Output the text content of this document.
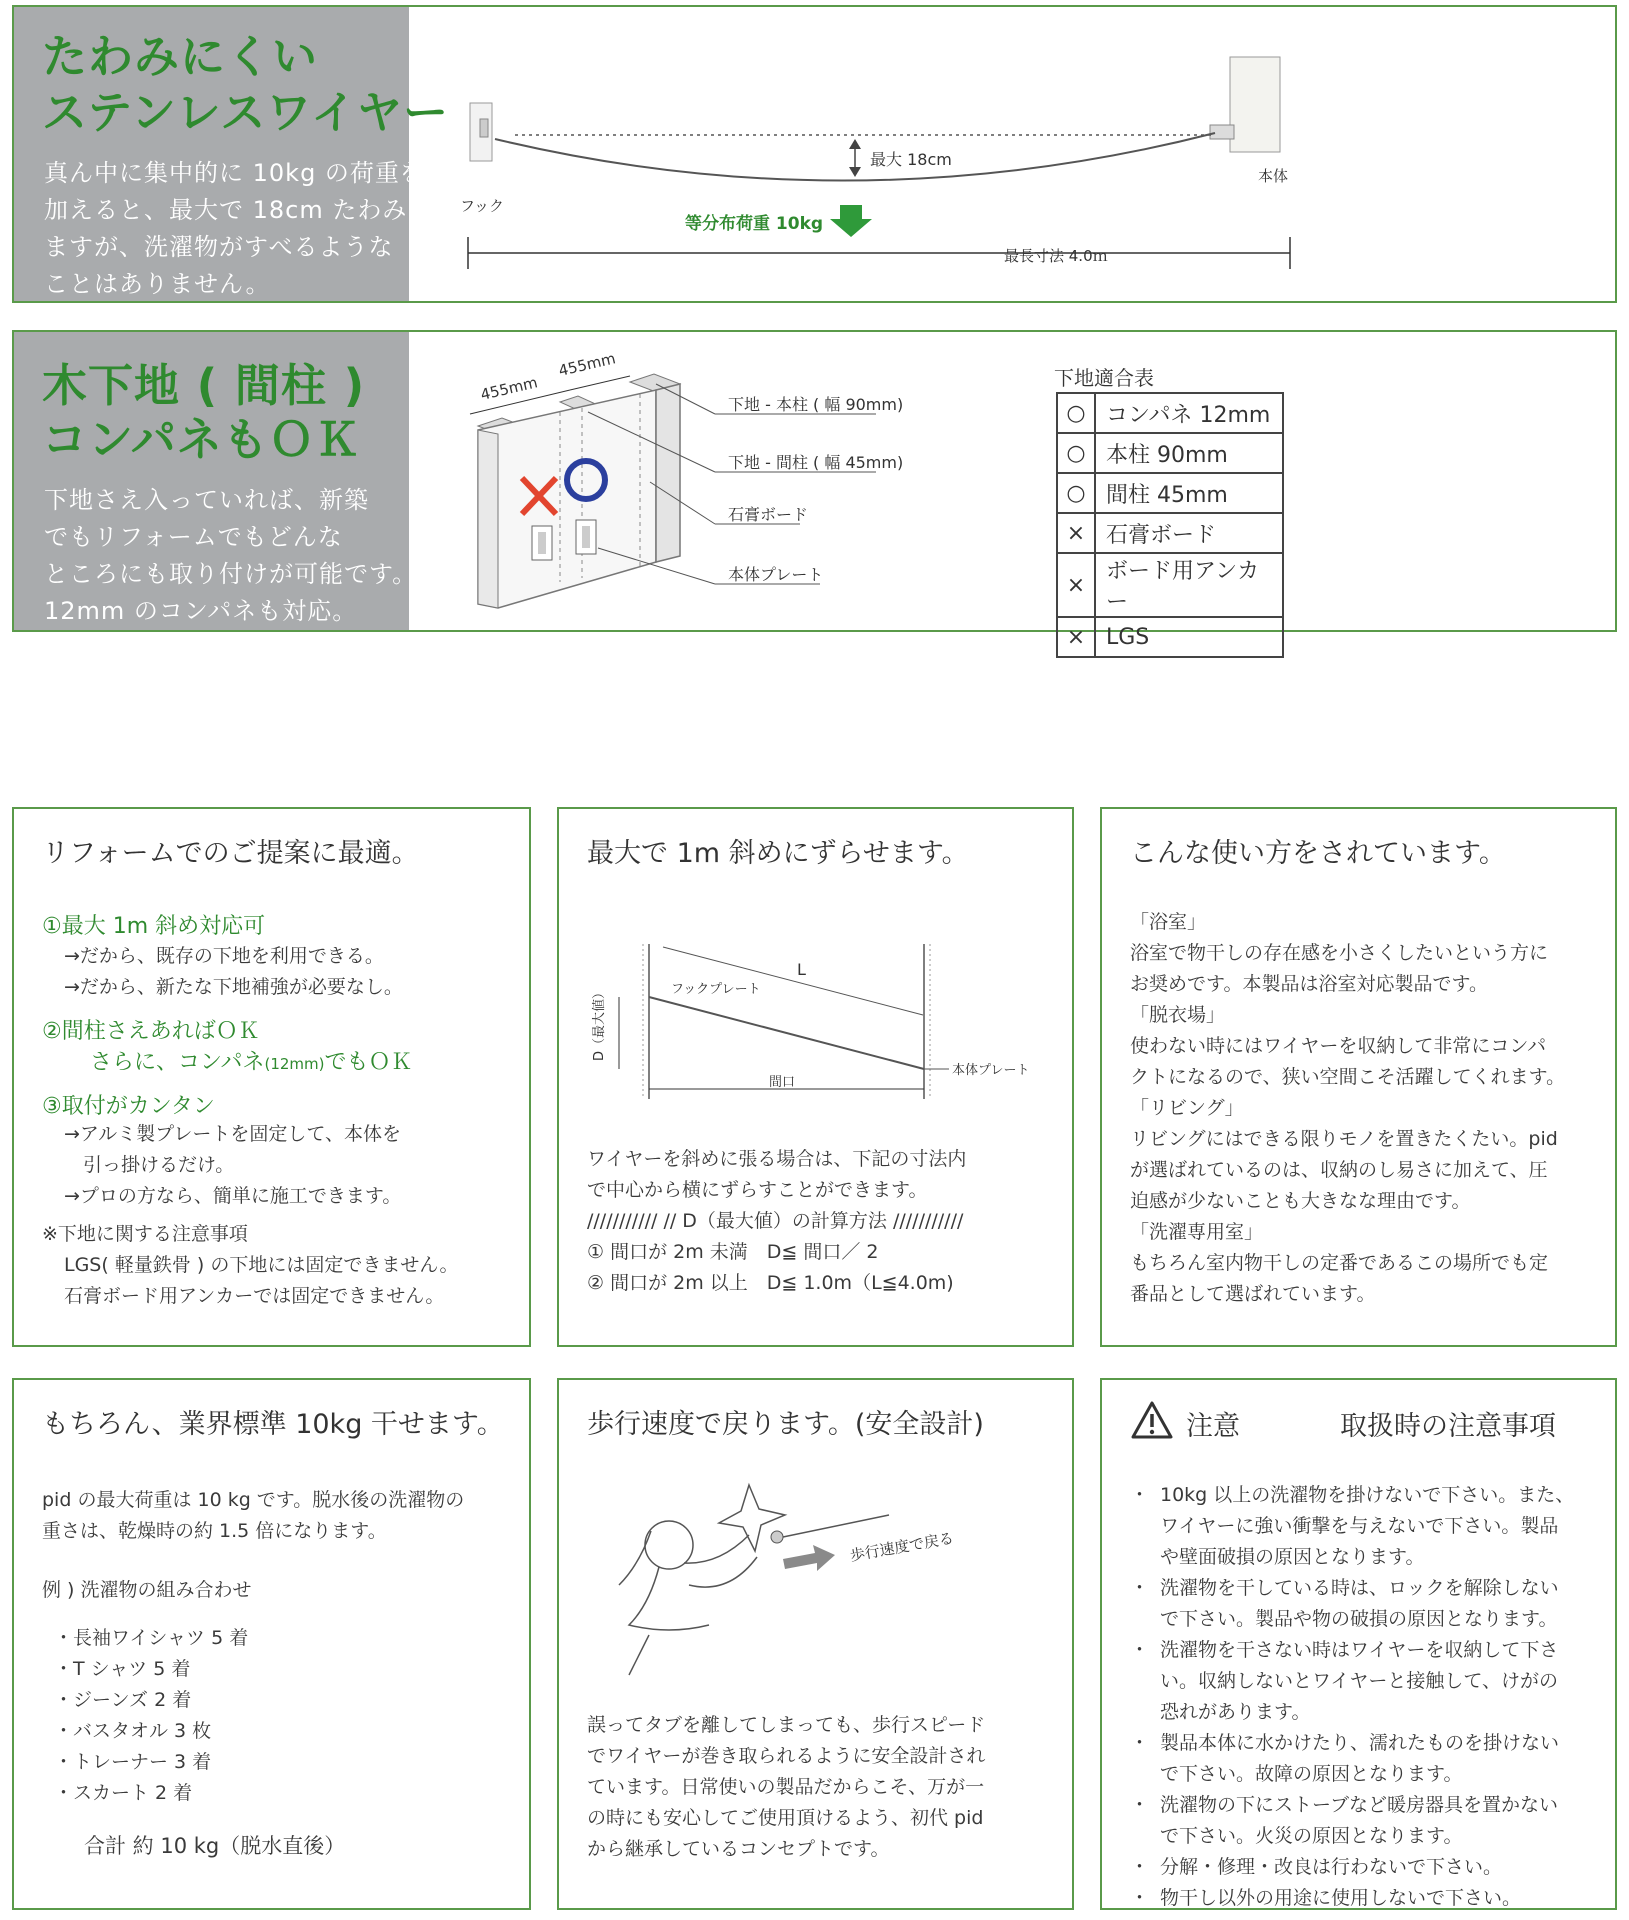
たわみにくい
ステンレスワイヤー
真ん中に集中的に 10kg の荷重を
加えると、最大で 18cm たわみ
ますが、洗濯物がすべるような
ことはありません。
最大 18cm
フック
本体
等分布荷重 10kg
最長寸法 4.0ｍ
木下地 ( 間柱 )
コンパネもＯＫ
下地さえ入っていれば、新築
でもリフォームでもどんな
ところにも取り付けが可能です。
12mm のコンパネも対応。
455mm
455mm
下地 - 本柱 ( 幅 90mm)
下地 - 間柱 ( 幅 45mm)
石膏ボード
本体プレート
下地適合表
○	コンパネ 12mm
○	本柱 90mm
○	間柱 45mm
×	石膏ボード
×	ボード用アンカー
×	LGS
リフォームでのご提案に最適。
①最大 1m 斜め対応可
→だから、既存の下地を利用できる。
→だから、新たな下地補強が必要なし。
②間柱さえあればＯＫ
さらに、コンパネ(12mm)でもＯＫ
③取付がカンタン
→アルミ製プレートを固定して、本体を
　引っ掛けるだけ。
→プロの方なら、簡単に施工できます。
※下地に関する注意事項
LGS( 軽量鉄骨 ) の下地には固定できません。
石膏ボード用アンカーでは固定できません。
最大で 1m 斜めにずらせます。
L
フックプレート
D（最大値）
間口
本体プレート
ワイヤーを斜めに張る場合は、下記の寸法内
で中心から横にずらすことができます。
/////////// // D（最大値）の計算方法 ///////////
① 間口が 2m 未満　D≦ 間口／ 2
② 間口が 2m 以上　D≦ 1.0m（L≦4.0m)
こんな使い方をされています。
「浴室」
浴室で物干しの存在感を小さくしたいという方に
お奨めです。本製品は浴室対応製品です。
「脱衣場」
使わない時にはワイヤーを収納して非常にコンパ
クトになるので、狭い空間こそ活躍してくれます。
「リビング」
リビングにはできる限りモノを置きたくたい。pid
が選ばれているのは、収納のし易さに加えて、圧
迫感が少ないことも大きなな理由です。
「洗濯専用室」
もちろん室内物干しの定番であるこの場所でも定
番品として選ばれています。
もちろん、業界標準 10kg 干せます。
pid の最大荷重は 10 kg です。脱水後の洗濯物の
重さは、乾燥時の約 1.5 倍になります。
例 ) 洗濯物の組み合わせ
・長袖ワイシャツ 5 着
・T シャツ 5 着
・ジーンズ 2 着
・バスタオル 3 枚
・トレーナー 3 着
・スカート 2 着
合計 約 10 kg（脱水直後）
歩行速度で戻ります。(安全設計)
歩行速度で戻る
誤ってタブを離してしまっても、歩行スピード
でワイヤーが巻き取られるように安全設計され
ています。日常使いの製品だからこそ、万が一
の時にも安心してご使用頂けるよう、初代 pid
から継承しているコンセプトです。
注意	取扱時の注意事項
・ 10kg 以上の洗濯物を掛けないで下さい。また、
ワイヤーに強い衝撃を与えないで下さい。製品
や壁面破損の原因となります。
・ 洗濯物を干している時は、ロックを解除しない
で下さい。製品や物の破損の原因となります。
・ 洗濯物を干さない時はワイヤーを収納して下さ
い。収納しないとワイヤーと接触して、けがの
恐れがあります。
・ 製品本体に水かけたり、濡れたものを掛けない
で下さい。故障の原因となります。
・ 洗濯物の下にストーブなど暖房器具を置かない
で下さい。火災の原因となります。
・ 分解・修理・改良は行わないで下さい。
・ 物干し以外の用途に使用しないで下さい。
